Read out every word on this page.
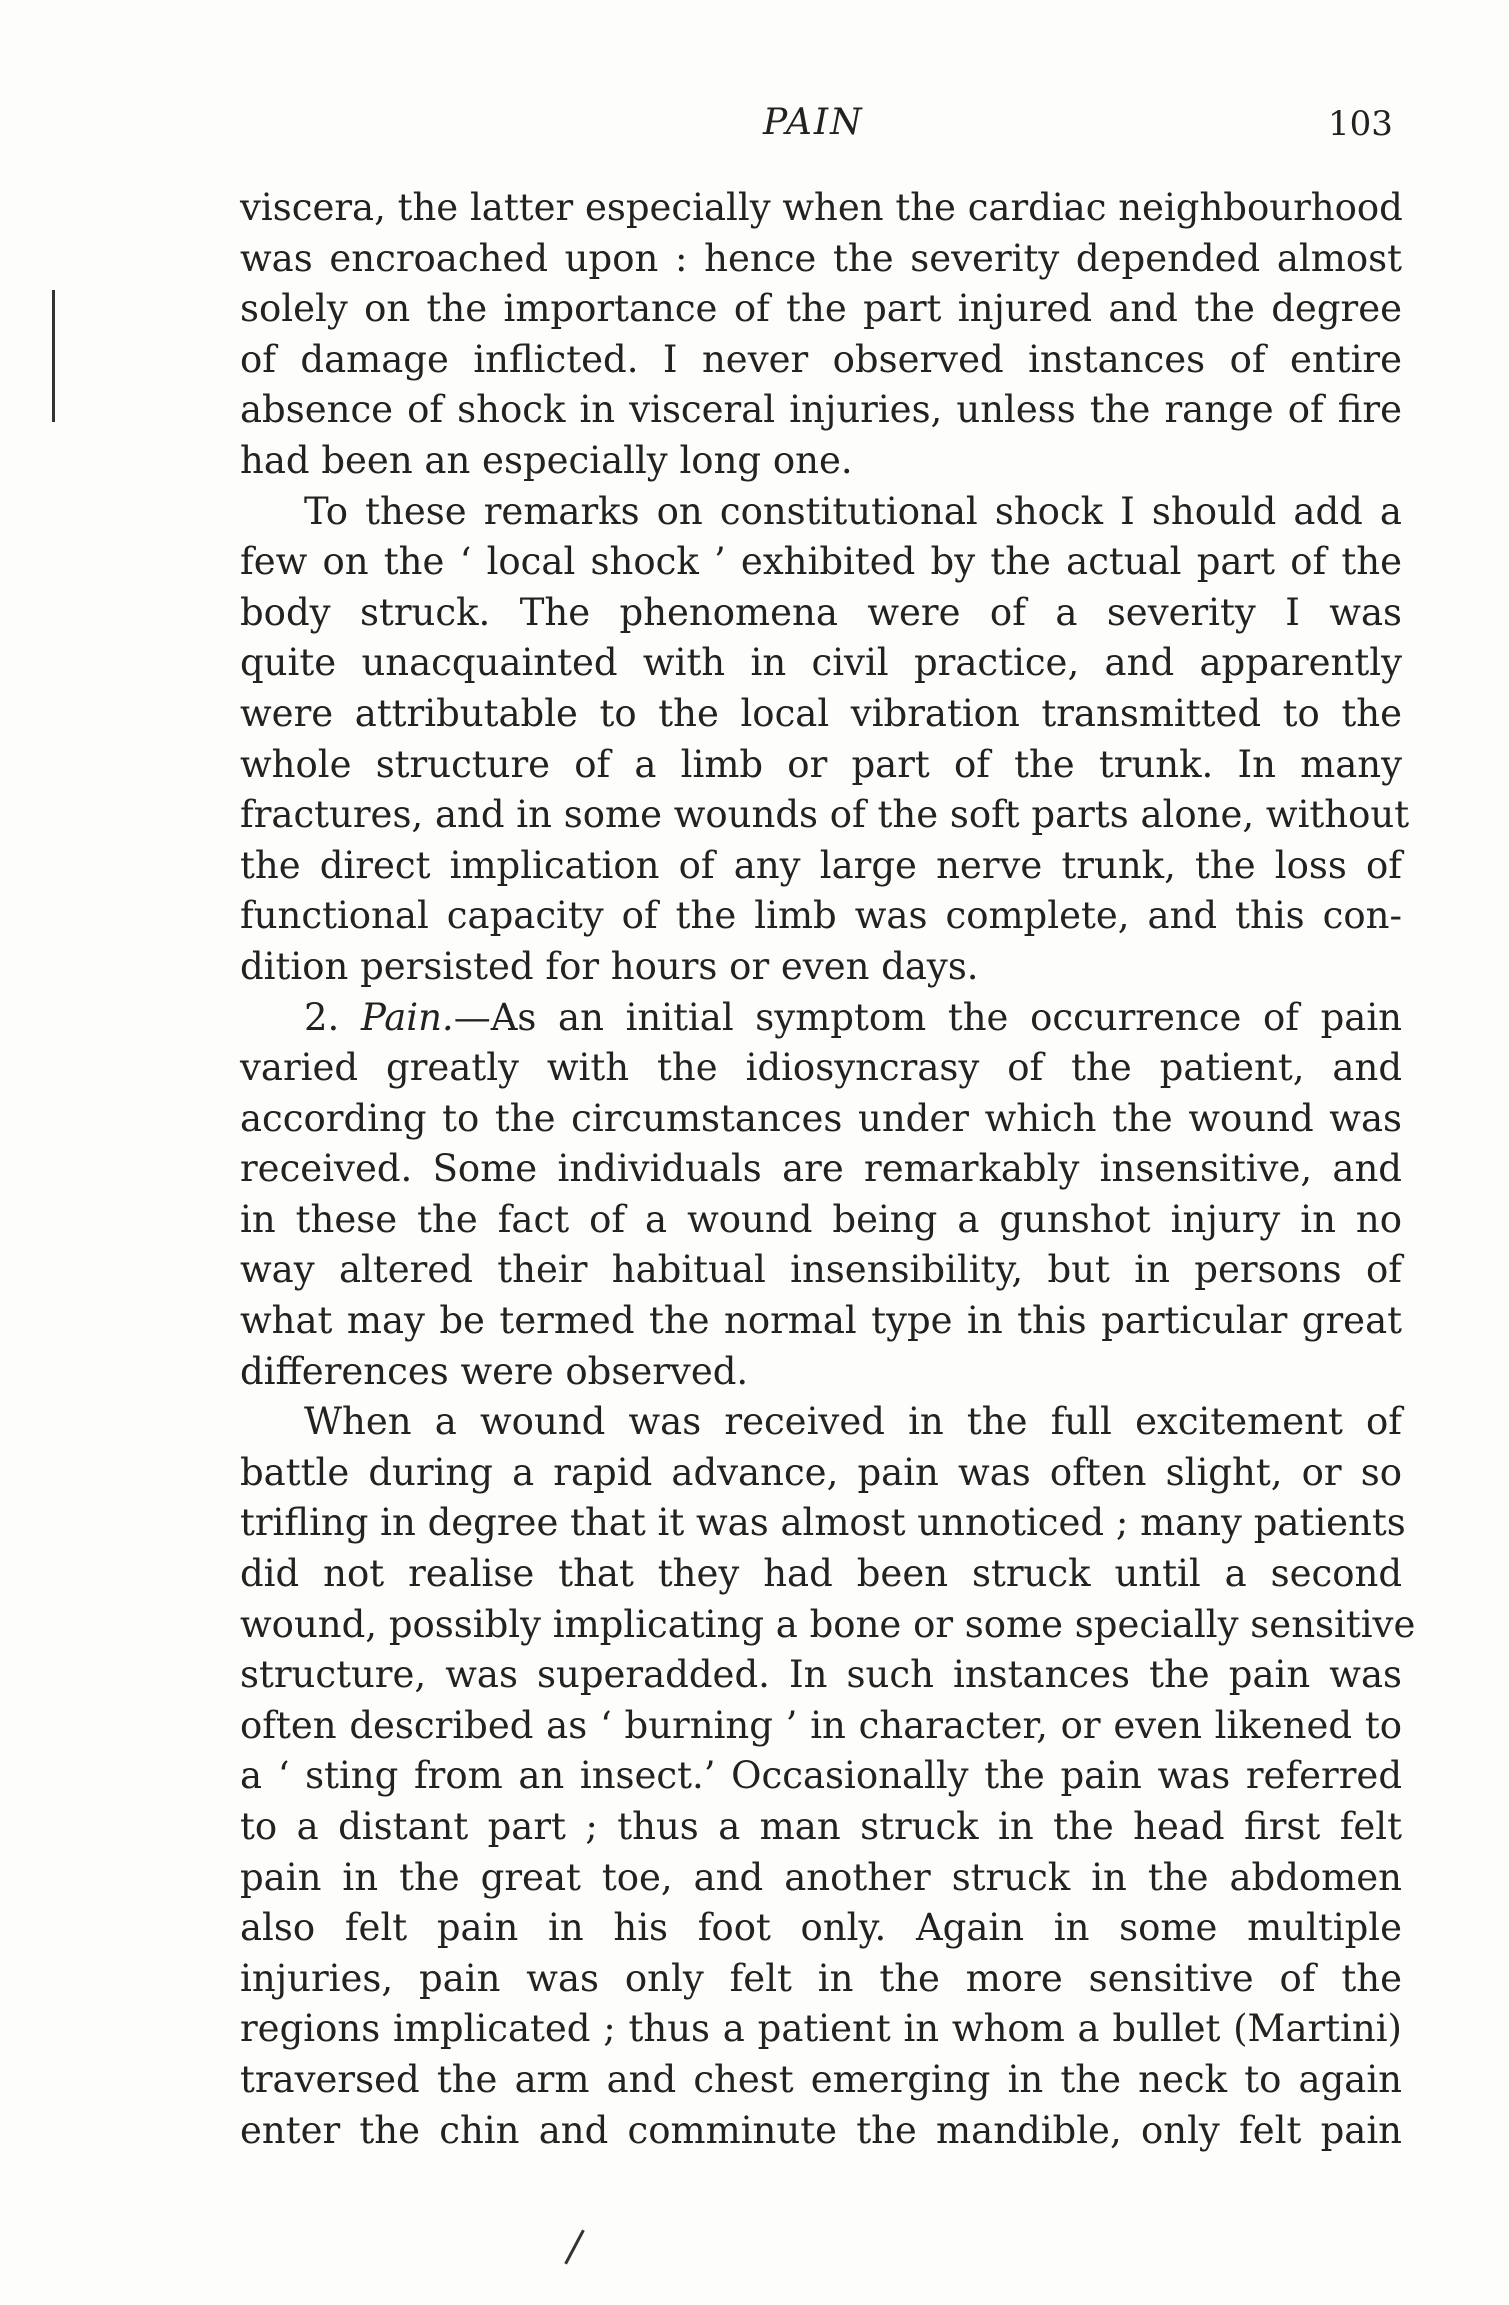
PAIN	103
viscera, the latter especially when the cardiac neighbourhood
was encroached upon : hence the severity depended almost
solely on the importance of the part injured and the degree
of damage inflicted. I never observed instances of entire
absence of shock in visceral injuries, unless the range of fire
had been an especially long one.
To these remarks on constitutional shock I should add a
few on the ‘ local shock ’ exhibited by the actual part of the
body struck. The phenomena were of a severity I was
quite unacquainted with in civil practice, and apparently
were attributable to the local vibration transmitted to the
whole structure of a limb or part of the trunk. In many
fractures, and in some wounds of the soft parts alone, without
the direct implication of any large nerve trunk, the loss of
functional capacity of the limb was complete, and this con-
dition persisted for hours or even days.
2. Pain.—As an initial symptom the occurrence of pain
varied greatly with the idiosyncrasy of the patient, and
according to the circumstances under which the wound was
received. Some individuals are remarkably insensitive, and
in these the fact of a wound being a gunshot injury in no
way altered their habitual insensibility, but in persons of
what may be termed the normal type in this particular great
differences were observed.
When a wound was received in the full excitement of
battle during a rapid advance, pain was often slight, or so
trifling in degree that it was almost unnoticed ; many patients
did not realise that they had been struck until a second
wound, possibly implicating a bone or some specially sensitive
structure, was superadded. In such instances the pain was
often described as ‘ burning ’ in character, or even likened to
a ‘ sting from an insect.’ Occasionally the pain was referred
to a distant part ; thus a man struck in the head first felt
pain in the great toe, and another struck in the abdomen
also felt pain in his foot only. Again in some multiple
injuries, pain was only felt in the more sensitive of the
regions implicated ; thus a patient in whom a bullet (Martini)
traversed the arm and chest emerging in the neck to again
enter the chin and comminute the mandible, only felt pain
